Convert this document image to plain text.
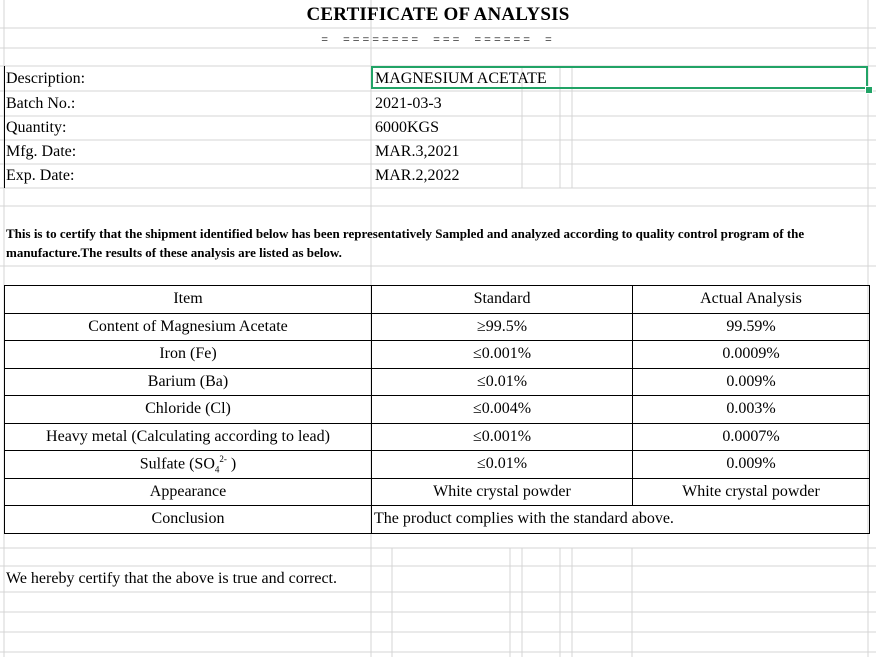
CERTIFICATE OF ANALYSIS
= ======== === ====== =
Description:	MAGNESIUM ACETATE
Batch No.:	2021-03-3
Quantity:	6000KGS
Mfg. Date:	MAR.3,2021
Exp. Date:	MAR.2,2022
This is to certify that the shipment identified below has been representatively Sampled and analyzed according to quality control program of the manufacture.The results of these analysis are listed as below.
Item	Standard	Actual Analysis
Content of Magnesium Acetate	≥99.5%	99.59%
Iron (Fe)	≤0.001%	0.0009%
Barium (Ba)	≤0.01%	0.009%
Chloride (Cl)	≤0.004%	0.003%
Heavy metal (Calculating according to lead)	≤0.001%	0.0007%
Sulfate ($SO_4^{2-}$ )	≤0.01%	0.009%
Appearance	White crystal powder	White crystal powder
Conclusion	The product complies with the standard above.	
We hereby certify that the above is true and correct.
